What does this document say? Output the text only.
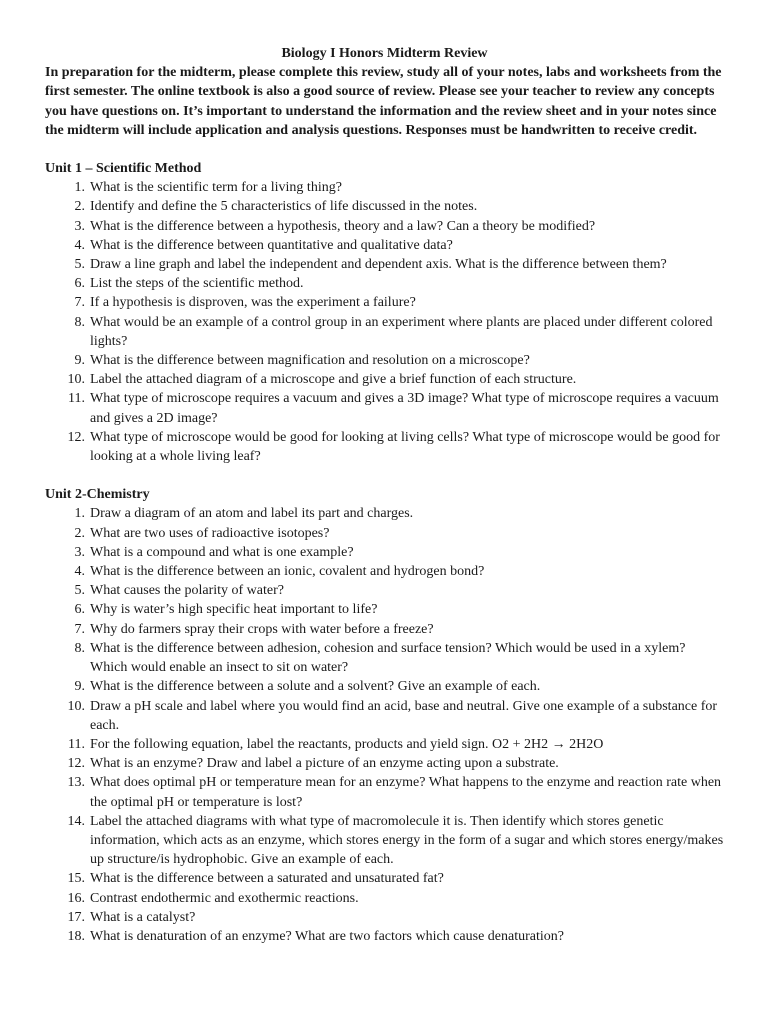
Biology I Honors Midterm Review

In preparation for the midterm, please complete this review, study all of your notes, labs and worksheets from the first semester. The online textbook is also a good source of review. Please see your teacher to review any concepts you have questions on. It’s important to understand the information and the review sheet and in your notes since the midterm will include application and analysis questions. Responses must be handwritten to receive credit.

Unit 1 – Scientific Method

1. What is the scientific term for a living thing?
2. Identify and define the 5 characteristics of life discussed in the notes.
3. What is the difference between a hypothesis, theory and a law? Can a theory be modified?
4. What is the difference between quantitative and qualitative data?
5. Draw a line graph and label the independent and dependent axis. What is the difference between them?
6. List the steps of the scientific method.
7. If a hypothesis is disproven, was the experiment a failure?
8. What would be an example of a control group in an experiment where plants are placed under different colored lights?
9. What is the difference between magnification and resolution on a microscope?
10. Label the attached diagram of a microscope and give a brief function of each structure.
11. What type of microscope requires a vacuum and gives a 3D image? What type of microscope requires a vacuum and gives a 2D image?
12. What type of microscope would be good for looking at living cells? What type of microscope would be good for looking at a whole living leaf?

Unit 2-Chemistry

1. Draw a diagram of an atom and label its part and charges.
2. What are two uses of radioactive isotopes?
3. What is a compound and what is one example?
4. What is the difference between an ionic, covalent and hydrogen bond?
5. What causes the polarity of water?
6. Why is water’s high specific heat important to life?
7. Why do farmers spray their crops with water before a freeze?
8. What is the difference between adhesion, cohesion and surface tension? Which would be used in a xylem? Which would enable an insect to sit on water?
9. What is the difference between a solute and a solvent? Give an example of each.
10. Draw a pH scale and label where you would find an acid, base and neutral. Give one example of a substance for each.
11. For the following equation, label the reactants, products and yield sign. O2 + 2H2 → 2H2O
12. What is an enzyme? Draw and label a picture of an enzyme acting upon a substrate.
13. What does optimal pH or temperature mean for an enzyme? What happens to the enzyme and reaction rate when the optimal pH or temperature is lost?
14. Label the attached diagrams with what type of macromolecule it is. Then identify which stores genetic information, which acts as an enzyme, which stores energy in the form of a sugar and which stores energy/makes up structure/is hydrophobic. Give an example of each.
15. What is the difference between a saturated and unsaturated fat?
16. Contrast endothermic and exothermic reactions.
17. What is a catalyst?
18. What is denaturation of an enzyme? What are two factors which cause denaturation?
